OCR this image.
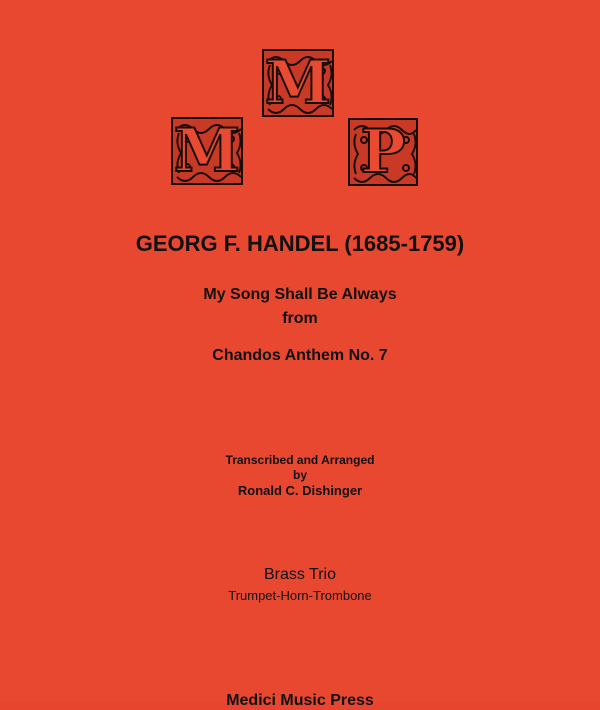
M
M P
GEORG F. HANDEL (1685-1759)
My Song Shall Be Always
from
Chandos Anthem No. 7
Transcribed and Arranged
by
Ronald C. Dishinger
Brass Trio
Trumpet-Horn-Trombone
Medici Music Press
